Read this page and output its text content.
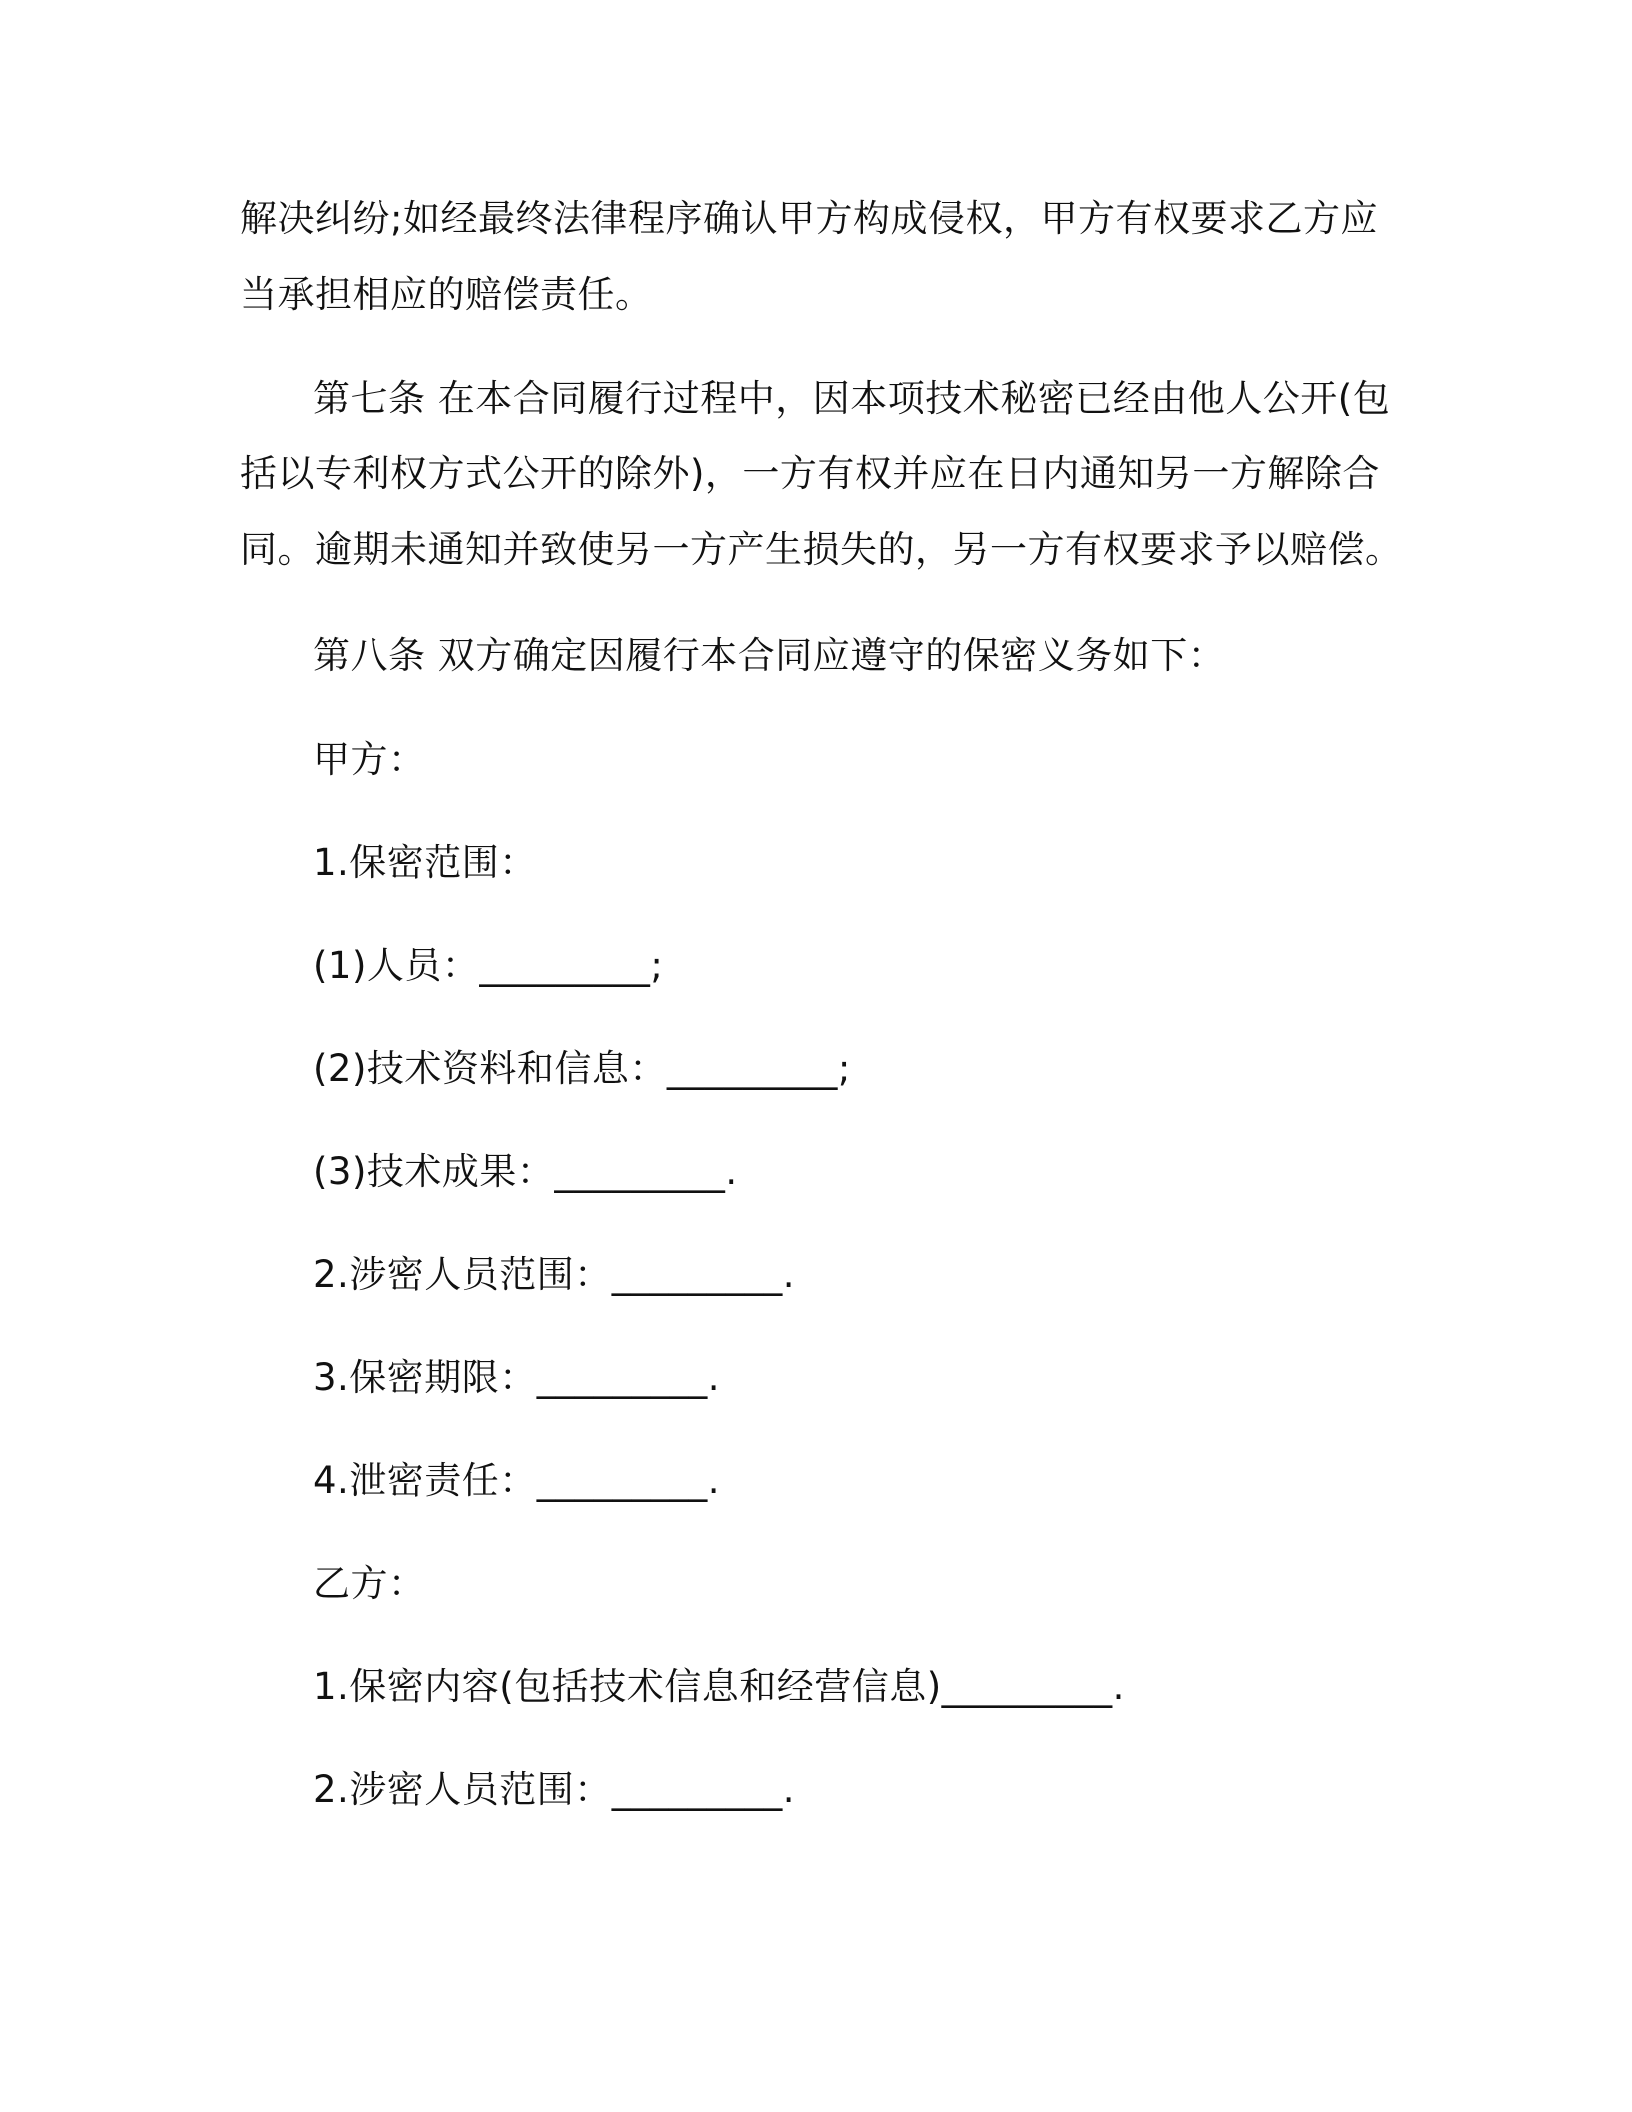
解决纠纷;如经最终法律程序确认甲方构成侵权，甲方有权要求乙方应
当承担相应的赔偿责任。
第七条 在本合同履行过程中，因本项技术秘密已经由他人公开(包
括以专利权方式公开的除外)，一方有权并应在日内通知另一方解除合
同。逾期未通知并致使另一方产生损失的，另一方有权要求予以赔偿。
第八条 双方确定因履行本合同应遵守的保密义务如下：
甲方：
1.保密范围：
(1)人员：_________;
(2)技术资料和信息：_________;
(3)技术成果：_________.
2.涉密人员范围：_________.
3.保密期限：_________.
4.泄密责任：_________.
乙方：
1.保密内容(包括技术信息和经营信息)_________.
2.涉密人员范围：_________.
